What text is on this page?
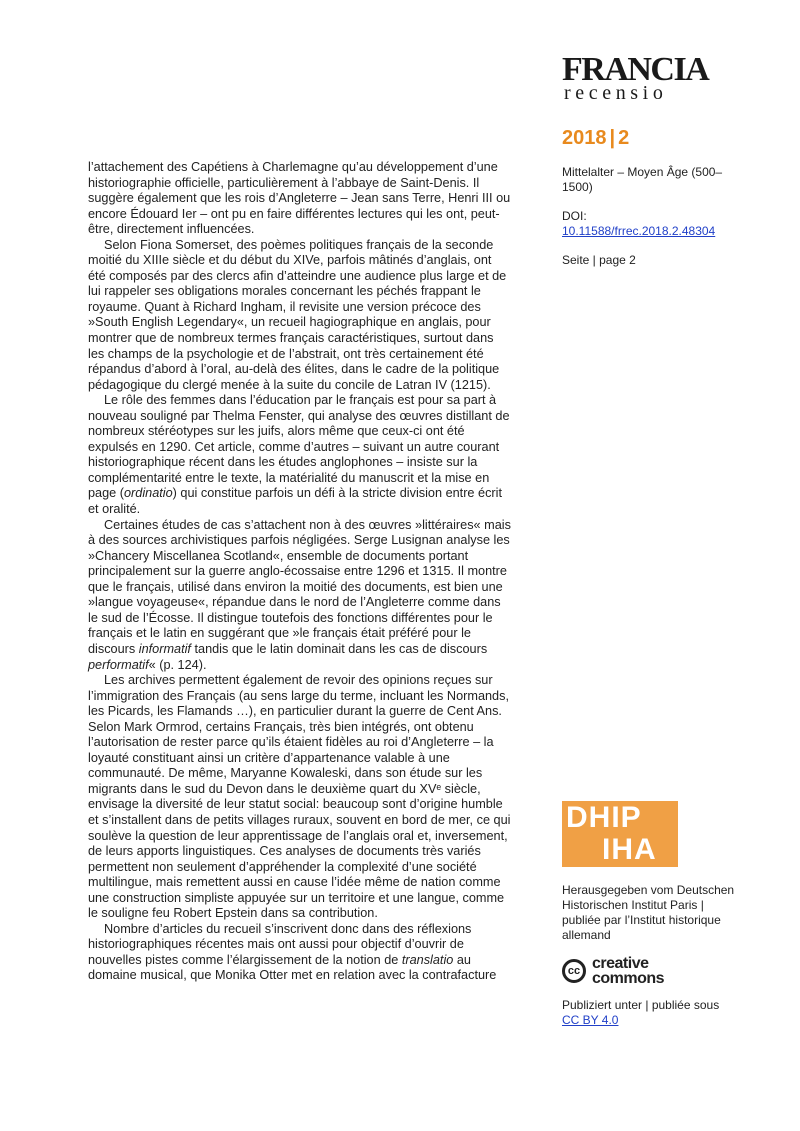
FRANCIA
recensio
2018 | 2
Mittelalter – Moyen Âge (500–1500)
DOI:
10.11588/frrec.2018.2.48304
Seite | page 2
DHIP
IHA
Herausgegeben vom Deutschen Historischen Institut Paris | publiée par l’Institut historique allemand
cc creative
commons
Publiziert unter | publiée sous
CC BY 4.0

l’attachement des Capétiens à Charlemagne qu’au développement d’une historiographie officielle, particulièrement à l’abbaye de Saint-Denis. Il suggère également que les rois d’Angleterre – Jean sans Terre, Henri III ou encore Édouard Ier – ont pu en faire différentes lectures qui les ont, peut-être, directement influencées.

Selon Fiona Somerset, des poèmes politiques français de la seconde moitié du XIIIe siècle et du début du XIVe, parfois mâtinés d’anglais, ont été composés par des clercs afin d’atteindre une audience plus large et de lui rappeler ses obligations morales concernant les péchés frappant le royaume. Quant à Richard Ingham, il revisite une version précoce des »South English Legendary«, un recueil hagiographique en anglais, pour montrer que de nombreux termes français caractéristiques, surtout dans les champs de la psychologie et de l’abstrait, ont très certainement été répandus d’abord à l’oral, au-delà des élites, dans le cadre de la politique pédagogique du clergé menée à la suite du concile de Latran IV (1215).

Le rôle des femmes dans l’éducation par le français est pour sa part à nouveau souligné par Thelma Fenster, qui analyse des œuvres distillant de nombreux stéréotypes sur les juifs, alors même que ceux-ci ont été expulsés en 1290. Cet article, comme d’autres – suivant un autre courant historiographique récent dans les études anglophones – insiste sur la complémentarité entre le texte, la matérialité du manuscrit et la mise en page (ordinatio) qui constitue parfois un défi à la stricte division entre écrit et oralité.

Certaines études de cas s’attachent non à des œuvres »littéraires« mais à des sources archivistiques parfois négligées. Serge Lusignan analyse les »Chancery Miscellanea Scotland«, ensemble de documents portant principalement sur la guerre anglo-écossaise entre 1296 et 1315. Il montre que le français, utilisé dans environ la moitié des documents, est bien une »langue voyageuse«, répandue dans le nord de l’Angleterre comme dans le sud de l’Écosse. Il distingue toutefois des fonctions différentes pour le français et le latin en suggérant que »le français était préféré pour le discours informatif tandis que le latin dominait dans les cas de discours performatif« (p. 124).

Les archives permettent également de revoir des opinions reçues sur l’immigration des Français (au sens large du terme, incluant les Normands, les Picards, les Flamands …), en particulier durant la guerre de Cent Ans. Selon Mark Ormrod, certains Français, très bien intégrés, ont obtenu l’autorisation de rester parce qu’ils étaient fidèles au roi d’Angleterre – la loyauté constituant ainsi un critère d’appartenance valable à une communauté. De même, Maryanne Kowaleski, dans son étude sur les migrants dans le sud du Devon dans le deuxième quart du XVᵉ siècle, envisage la diversité de leur statut social: beaucoup sont d’origine humble et s’installent dans de petits villages ruraux, souvent en bord de mer, ce qui soulève la question de leur apprentissage de l’anglais oral et, inversement, de leurs apports linguistiques. Ces analyses de documents très variés permettent non seulement d’appréhender la complexité d’une société multilingue, mais remettent aussi en cause l’idée même de nation comme une construction simpliste appuyée sur un territoire et une langue, comme le souligne feu Robert Epstein dans sa contribution.

Nombre d’articles du recueil s’inscrivent donc dans des réflexions historiographiques récentes mais ont aussi pour objectif d’ouvrir de nouvelles pistes comme l’élargissement de la notion de translatio au domaine musical, que Monika Otter met en relation avec la contrafacture
